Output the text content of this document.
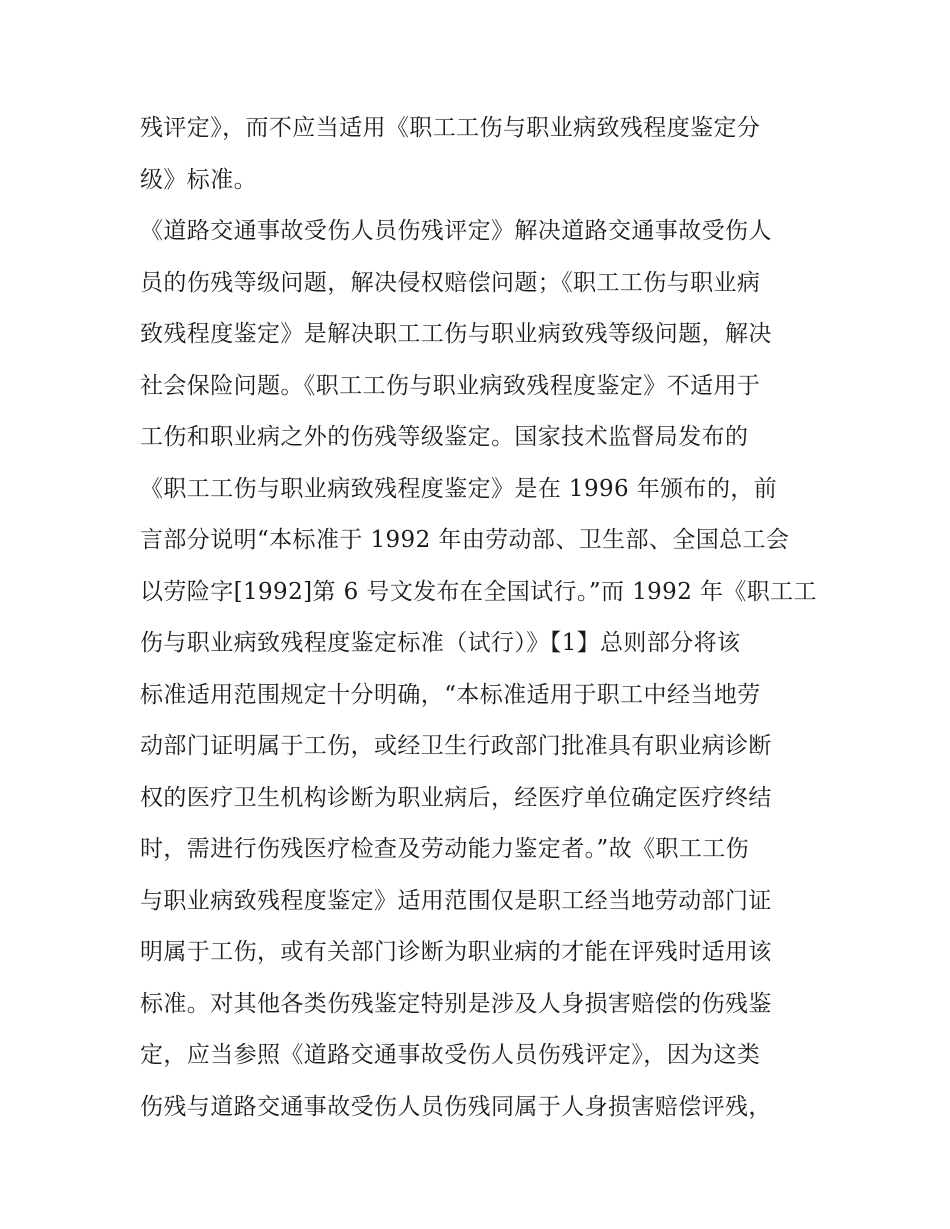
残评定》，而不应当适用《职工工伤与职业病致残程度鉴定分
级》标准。
《道路交通事故受伤人员伤残评定》解决道路交通事故受伤人
员的伤残等级问题，解决侵权赔偿问题；《职工工伤与职业病
致残程度鉴定》是解决职工工伤与职业病致残等级问题，解决
社会保险问题。《职工工伤与职业病致残程度鉴定》不适用于
工伤和职业病之外的伤残等级鉴定。国家技术监督局发布的
《职工工伤与职业病致残程度鉴定》是在 1996 年颁布的，前
言部分说明“本标准于 1992 年由劳动部、卫生部、全国总工会
以劳险字[1992]第 6 号文发布在全国试行。”而 1992 年《职工工
伤与职业病致残程度鉴定标准（试行）》【1】总则部分将该
标准适用范围规定十分明确，“本标准适用于职工中经当地劳
动部门证明属于工伤，或经卫生行政部门批准具有职业病诊断
权的医疗卫生机构诊断为职业病后，经医疗单位确定医疗终结
时，需进行伤残医疗检查及劳动能力鉴定者。”故《职工工伤
与职业病致残程度鉴定》适用范围仅是职工经当地劳动部门证
明属于工伤，或有关部门诊断为职业病的才能在评残时适用该
标准。对其他各类伤残鉴定特别是涉及人身损害赔偿的伤残鉴
定，应当参照《道路交通事故受伤人员伤残评定》，因为这类
伤残与道路交通事故受伤人员伤残同属于人身损害赔偿评残，
